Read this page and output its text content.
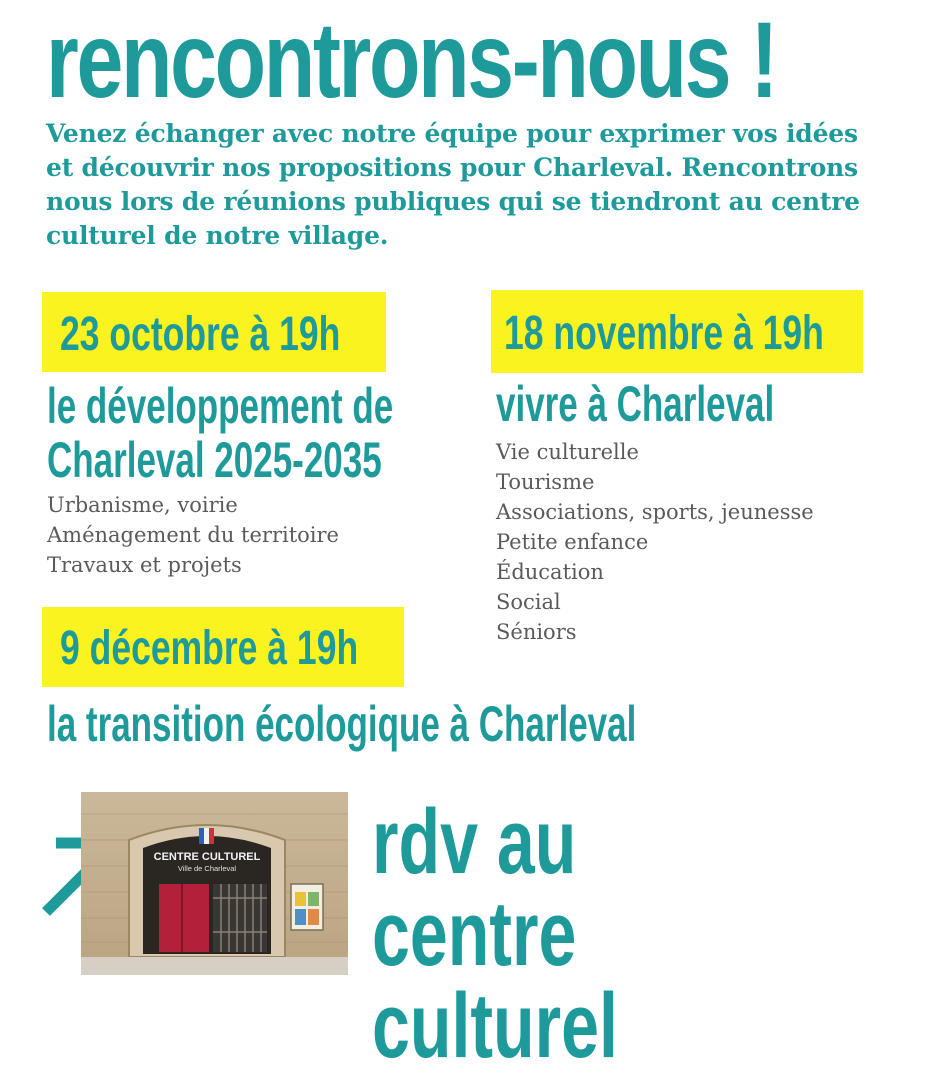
rencontrons-nous !
Venez échanger avec notre équipe pour exprimer vos idées et découvrir nos propositions pour Charleval. Rencontrons nous lors de réunions publiques qui se tiendront au centre culturel de notre village.
23 octobre à 19h
le développement de
Charleval 2025-2035
Urbanisme, voirie
Aménagement du territoire
Travaux et projets
18 novembre à 19h
vivre à Charleval
Vie culturelle
Tourisme
Associations, sports, jeunesse
Petite enfance
Éducation
Social
Séniors
9 décembre à 19h
la transition écologique à Charleval
CENTRE CULTUREL
Ville de Charleval rdv au centre
culturel
